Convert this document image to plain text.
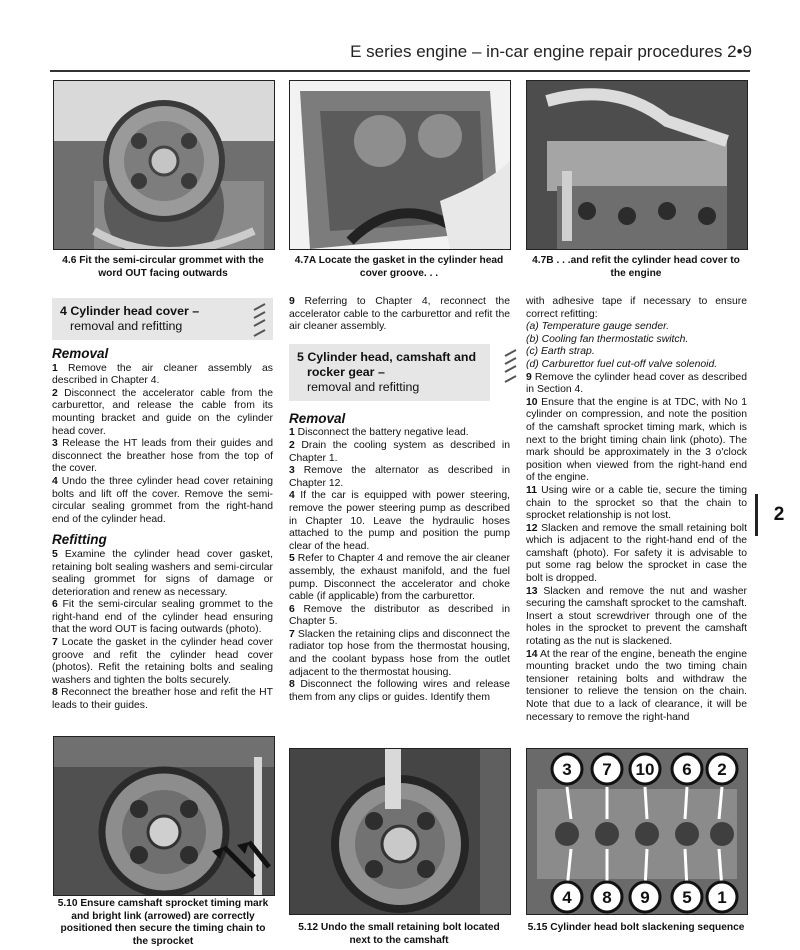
E series engine – in-car engine repair procedures 2•9
4.6 Fit the semi-circular grommet with the word OUT facing outwards
4.7A Locate the gasket in the cylinder head cover groove. . .
4.7B . . .and refit the cylinder head cover to the engine
4 Cylinder head cover –
removal and refitting
Removal

1 Remove the air cleaner assembly as described in Chapter 4.

2 Disconnect the accelerator cable from the carburettor, and release the cable from its mounting bracket and guide on the cylinder head cover.

3 Release the HT leads from their guides and disconnect the breather hose from the top of the cover.

4 Undo the three cylinder head cover retaining bolts and lift off the cover. Remove the semi-circular sealing grommet from the right-hand end of the cylinder head.

Refitting

5 Examine the cylinder head cover gasket, retaining bolt sealing washers and semi-circular sealing grommet for signs of damage or deterioration and renew as necessary.

6 Fit the semi-circular sealing grommet to the right-hand end of the cylinder head ensuring that the word OUT is facing outwards (photo).

7 Locate the gasket in the cylinder head cover groove and refit the cylinder head cover (photos). Refit the retaining bolts and sealing washers and tighten the bolts securely.

8 Reconnect the breather hose and refit the HT leads to their guides.

9 Referring to Chapter 4, reconnect the accelerator cable to the carburettor and refit the air cleaner assembly.

5 Cylinder head, camshaft and
rocker gear –
removal and refitting
Removal

1 Disconnect the battery negative lead.

2 Drain the cooling system as described in Chapter 1.

3 Remove the alternator as described in Chapter 12.

4 If the car is equipped with power steering, remove the power steering pump as described in Chapter 10. Leave the hydraulic hoses attached to the pump and position the pump clear of the head.

5 Refer to Chapter 4 and remove the air cleaner assembly, the exhaust manifold, and the fuel pump. Disconnect the accelerator and choke cable (if applicable) from the carburettor.

6 Remove the distributor as described in Chapter 5.

7 Slacken the retaining clips and disconnect the radiator top hose from the thermostat housing, and the coolant bypass hose from the outlet adjacent to the thermostat housing.

8 Disconnect the following wires and release them from any clips or guides. Identify them

with adhesive tape if necessary to ensure correct refitting:

(a) Temperature gauge sender.

(b) Cooling fan thermostatic switch.

(c) Earth strap.

(d) Carburettor fuel cut-off valve solenoid.

9 Remove the cylinder head cover as described in Section 4.

10 Ensure that the engine is at TDC, with No 1 cylinder on compression, and note the position of the camshaft sprocket timing mark, which is next to the bright timing chain link (photo). The mark should be approximately in the 3 o'clock position when viewed from the right-hand end of the engine.

11 Using wire or a cable tie, secure the timing chain to the sprocket so that the chain to sprocket relationship is not lost.

12 Slacken and remove the small retaining bolt which is adjacent to the right-hand end of the camshaft (photo). For safety it is advisable to put some rag below the sprocket in case the bolt is dropped.

13 Slacken and remove the nut and washer securing the camshaft sprocket to the camshaft. Insert a stout screwdriver through one of the holes in the sprocket to prevent the camshaft rotating as the nut is slackened.

14 At the rear of the engine, beneath the engine mounting bracket undo the two timing chain tensioner retaining bolts and withdraw the tensioner to relieve the tension on the chain. Note that due to a lack of clearance, it will be necessary to remove the right-hand

2
3 7 10 6 2
4 8 9 5 1
5.10 Ensure camshaft sprocket timing mark and bright link (arrowed) are correctly positioned then secure the timing chain to the sprocket
5.12 Undo the small retaining bolt located next to the camshaft
5.15 Cylinder head bolt slackening sequence
